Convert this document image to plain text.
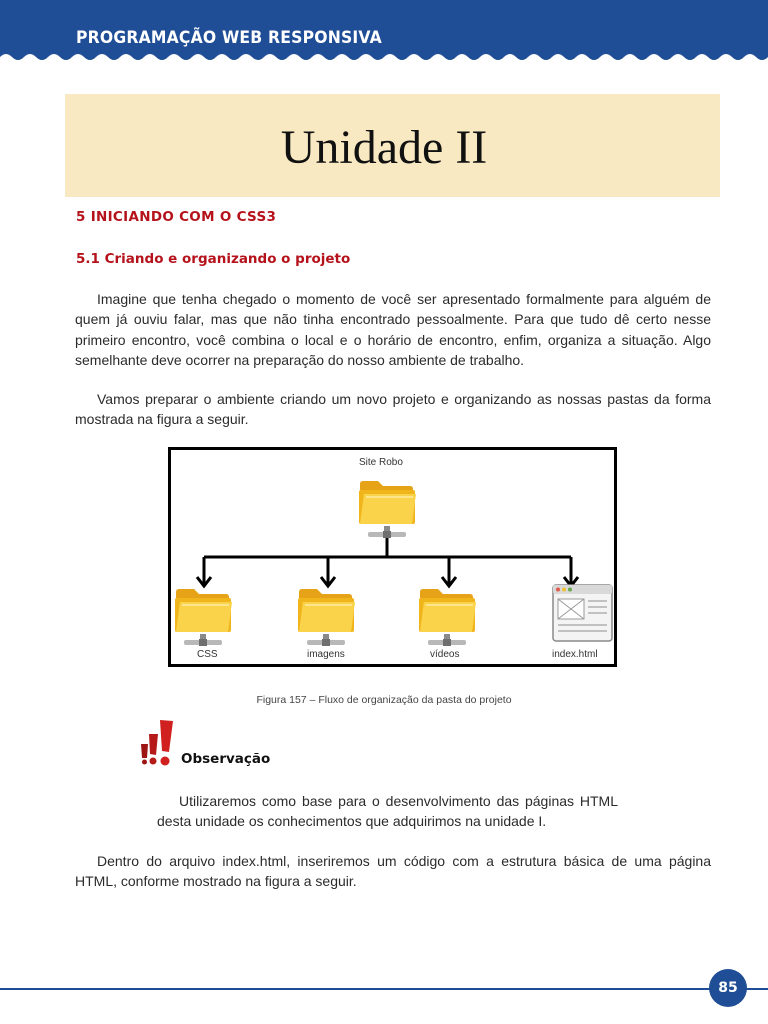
PROGRAMAÇÃO WEB RESPONSIVA
Unidade II
5 INICIANDO COM O CSS3
5.1 Criando e organizando o projeto
Imagine que tenha chegado o momento de você ser apresentado formalmente para alguém de quem já ouviu falar, mas que não tinha encontrado pessoalmente. Para que tudo dê certo nesse primeiro encontro, você combina o local e o horário de encontro, enfim, organiza a situação. Algo semelhante deve ocorrer na preparação do nosso ambiente de trabalho.
Vamos preparar o ambiente criando um novo projeto e organizando as nossas pastas da forma mostrada na figura a seguir.
Site Robo
CSS	imagens	vídeos	index.html
Figura 157 – Fluxo de organização da pasta do projeto
Observação
Utilizaremos como base para o desenvolvimento das páginas HTML desta unidade os conhecimentos que adquirimos na unidade I.
Dentro do arquivo index.html, inseriremos um código com a estrutura básica de uma página HTML, conforme mostrado na figura a seguir.
85
